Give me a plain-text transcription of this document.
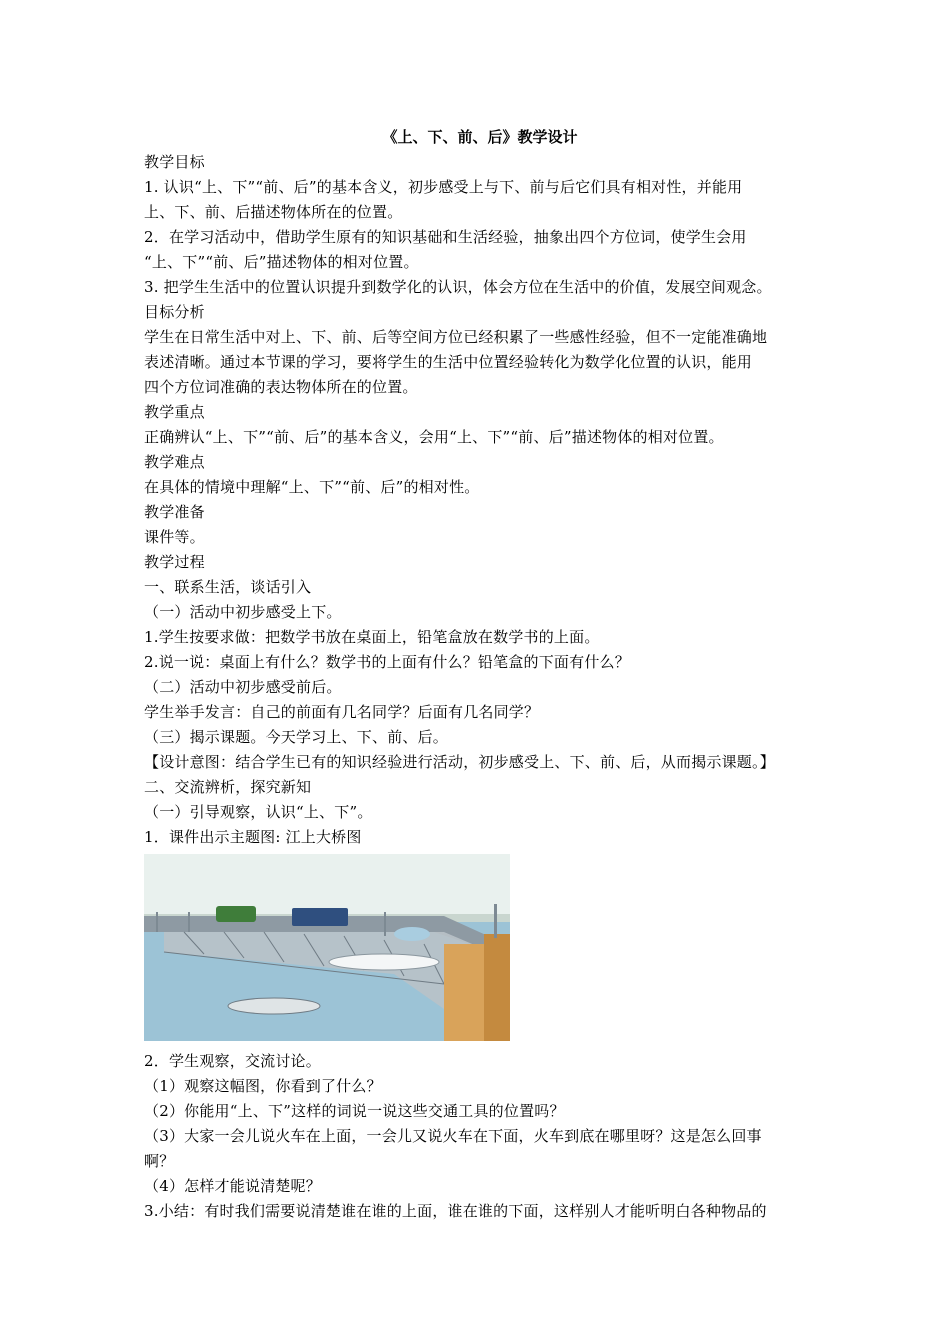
《上、下、前、后》教学设计

教学目标

1. 认识“上、下”“前、后”的基本含义，初步感受上与下、前与后它们具有相对性，并能用

上、下、前、后描述物体所在的位置。

2．在学习活动中，借助学生原有的知识基础和生活经验，抽象出四个方位词，使学生会用

“上、下”“前、后”描述物体的相对位置。

3. 把学生生活中的位置认识提升到数学化的认识，体会方位在生活中的价值，发展空间观念。

目标分析

学生在日常生活中对上、下、前、后等空间方位已经积累了一些感性经验，但不一定能准确地

表述清晰。通过本节课的学习，要将学生的生活中位置经验转化为数学化位置的认识，能用

四个方位词准确的表达物体所在的位置。

教学重点

正确辨认“上、下”“前、后”的基本含义，会用“上、下”“前、后”描述物体的相对位置。

教学难点

在具体的情境中理解“上、下”“前、后”的相对性。

教学准备

课件等。

教学过程

一、联系生活，谈话引入

（一）活动中初步感受上下。

1.学生按要求做：把数学书放在桌面上，铅笔盒放在数学书的上面。

2.说一说：桌面上有什么？数学书的上面有什么？铅笔盒的下面有什么？

（二）活动中初步感受前后。

学生举手发言：自己的前面有几名同学？后面有几名同学？

（三）揭示课题。今天学习上、下、前、后。

【设计意图：结合学生已有的知识经验进行活动，初步感受上、下、前、后，从而揭示课题。】

二、交流辨析，探究新知

（一）引导观察，认识“上、下”。

1．课件出示主题图: 江上大桥图

2．学生观察，交流讨论。

（1）观察这幅图，你看到了什么？

（2）你能用“上、下”这样的词说一说这些交通工具的位置吗？

（3）大家一会儿说火车在上面，一会儿又说火车在下面，火车到底在哪里呀？这是怎么回事

啊？

（4）怎样才能说清楚呢？

3.小结：有时我们需要说清楚谁在谁的上面，谁在谁的下面，这样别人才能听明白各种物品的
